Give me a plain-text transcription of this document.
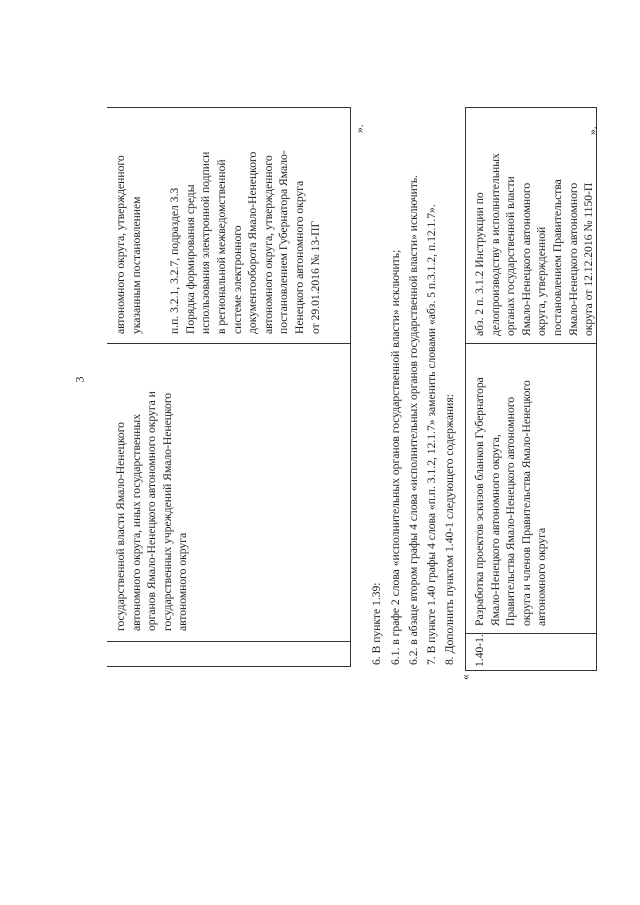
3
государственной власти Ямало-Ненецкого автономного округа, иных государственных органов Ямало-Ненецкого автономного округа и государственных учреждений Ямало-Ненецкого автономного округа
автономного округа, утвержденного указанным постановлением п.п. 3.2.1, 3.2.7, подраздел 3.3 Порядка формирования среды использования электронной подписи в региональной межведомственной системе электронного документооборота Ямало-Ненецкого автономного округа, утвержденного постановлением Губернатора Ямало- Ненецкого автономного округа от 29.01.2016 № 13-ПГ
».
6. В пункте 1.39: 6.1. в графе 2 слова «исполнительных органов государственной власти» исключить; 6.2. в абзаце втором графы 4 слова «исполнительных органов государственной власти» исключить. 7. В пункте 1.40 графы 4 слова «п.п. 3.1.2, 12.1.7» заменить словами «абз. 5 п.3.1.2, п.12.1.7». 8. Дополнить пунктом 1.40-1 следующего содержания:
«
1.40-1.
Разработка проектов эскизов бланков Губернатора Ямало-Ненецкого автономного округа, Правительства Ямало-Ненецкого автономного округа и членов Правительства Ямало-Ненецкого автономного округа
абз. 2 п. 3.1.2 Инструкции по делопроизводству в исполнительных органах государственной власти Ямало-Ненецкого автономного округа, утвержденной постановлением Правительства Ямало-Ненецкого автономного округа от 12.12.2016 № 1150-П
».
